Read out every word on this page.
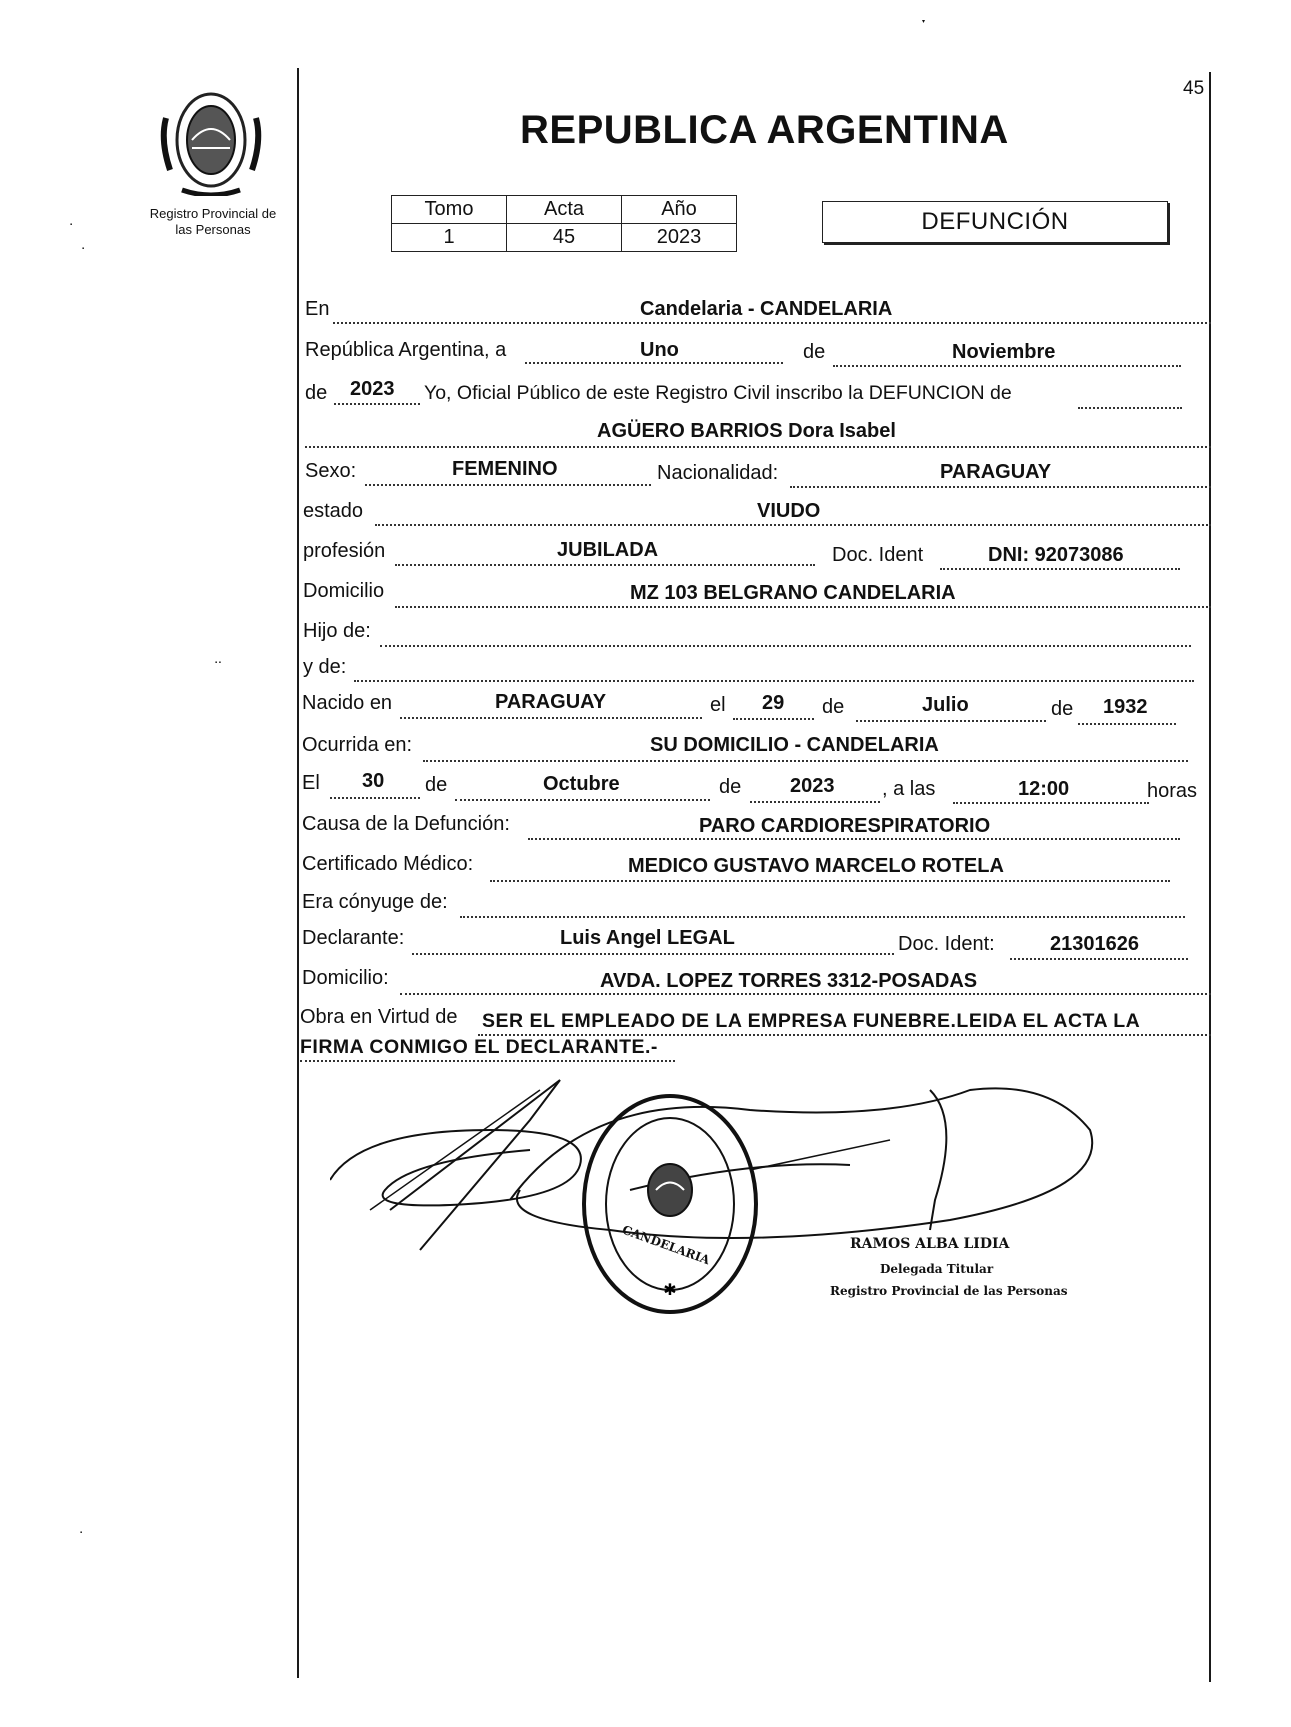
45
Registro Provincial de
las Personas
REPUBLICA ARGENTINA
Tomo	Acta	Año
1	45	2023
DEFUNCIÓN
En	Candelaria - CANDELARIA
República Argentina, a	Uno	de	Noviembre
de 2023 Yo, Oficial Público de este Registro Civil inscribo la DEFUNCION de
AGÜERO BARRIOS Dora Isabel
Sexo:	FEMENINO	Nacionalidad:	PARAGUAY
estado	VIUDO
profesión	JUBILADA	Doc. Ident	DNI: 92073086
Domicilio	MZ 103 BELGRANO CANDELARIA
Hijo de:
y de:
Nacido en	PARAGUAY	el 29 de	Julio	de 1932
Ocurrida en:	SU DOMICILIO - CANDELARIA
El 30 de	Octubre	de 2023 , a las	12:00	horas
Causa de la Defunción:	PARO CARDIORESPIRATORIO
Certificado Médico:	MEDICO GUSTAVO MARCELO ROTELA
Era cónyuge de:
Declarante:	Luis Angel LEGAL	Doc. Ident:	21301626
Domicilio:	AVDA. LOPEZ TORRES 3312-POSADAS
Obra en Virtud de SER EL EMPLEADO DE LA EMPRESA FUNEBRE.LEIDA EL ACTA LA
FIRMA CONMIGO EL DECLARANTE.-
✱
CANDELARIA	RAMOS ALBA LIDIA
Delegada Titular
Registro Provincial de las Personas
▾
▪
▪
▪ ▪
▪
